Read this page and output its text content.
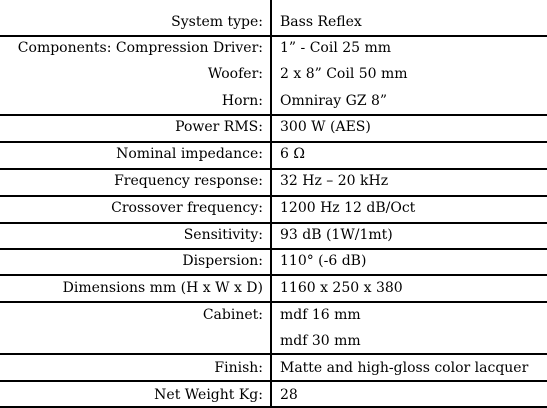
System type: Bass Reflex
Components: Compression Driver: 1” - Coil 25 mm
Woofer: 2 x 8” Coil 50 mm
Horn: Omniray GZ 8”
Power RMS: 300 W (AES)
Nominal impedance: 6 Ω
Frequency response: 32 Hz – 20 kHz
Crossover frequency: 1200 Hz 12 dB/Oct
Sensitivity: 93 dB (1W/1mt)
Dispersion: 110° (-6 dB)
Dimensions mm (H x W x D) 1160 x 250 x 380
Cabinet: mdf 16 mm
mdf 30 mm
Finish: Matte and high-gloss color lacquer
Net Weight Kg: 28
